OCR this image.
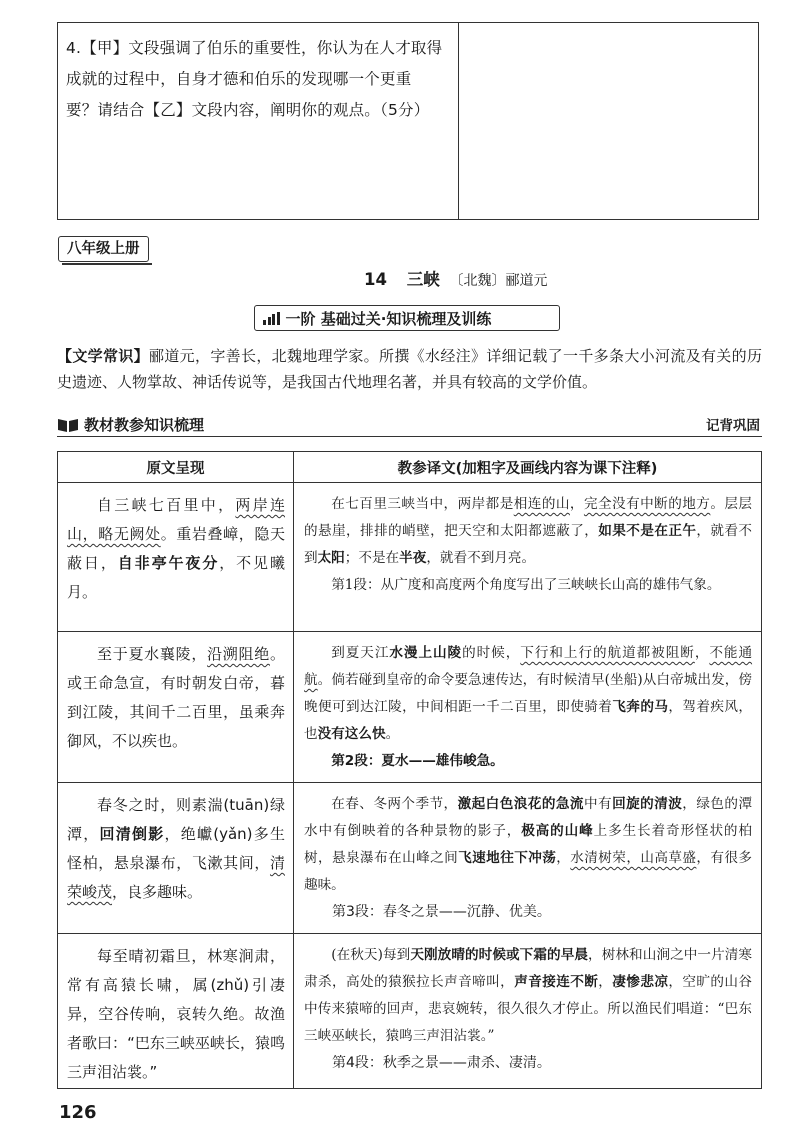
4.【甲】文段强调了伯乐的重要性，你认为在人才取得
成就的过程中，自身才德和伯乐的发现哪一个更重
要？请结合【乙】文段内容，阐明你的观点。（5分）
八年级上册
14 三峡 〔北魏〕郦道元
一阶 基础过关·知识梳理及训练
【文学常识】郦道元，字善长，北魏地理学家。所撰《水经注》详细记载了一千多条大小河流及有关的历史遗迹、人物掌故、神话传说等，是我国古代地理名著，并具有较高的文学价值。
教材教参知识梳理	记背巩固
原文呈现	教参译文(加粗字及画线内容为课下注释)
自三峡七百里中，两岸连山，略无阙处。重岩叠嶂，隐天蔽日，自非亭午夜分，不见曦月。	在七百里三峡当中，两岸都是相连的山，完全没有中断的地方。层层的悬崖，排排的峭壁，把天空和太阳都遮蔽了，如果不是在正午，就看不到太阳；不是在半夜，就看不到月亮。

第1段：从广度和高度两个角度写出了三峡峡长山高的雄伟气象。

至于夏水襄陵，沿溯阻绝。或王命急宣，有时朝发白帝，暮到江陵，其间千二百里，虽乘奔御风，不以疾也。	到夏天江水漫上山陵的时候，下行和上行的航道都被阻断，不能通航。倘若碰到皇帝的命令要急速传达，有时候清早(坐船)从白帝城出发，傍晚便可到达江陵，中间相距一千二百里，即使骑着飞奔的马，驾着疾风，也没有这么快。

第2段：夏水——雄伟峻急。

春冬之时，则素湍(tuān)绿潭，回清倒影，绝巘(yǎn)多生怪柏，悬泉瀑布，飞漱其间，清荣峻茂，良多趣味。	在春、冬两个季节，激起白色浪花的急流中有回旋的清波，绿色的潭水中有倒映着的各种景物的影子，极高的山峰上多生长着奇形怪状的柏树，悬泉瀑布在山峰之间飞速地往下冲荡，水清树荣，山高草盛，有很多趣味。

第3段：春冬之景——沉静、优美。

每至晴初霜旦，林寒涧肃，常有高猿长啸，属(zhǔ)引凄异，空谷传响，哀转久绝。故渔者歌曰：“巴东三峡巫峡长，猿鸣三声泪沾裳。”	(在秋天)每到天刚放晴的时候或下霜的早晨，树林和山涧之中一片清寒肃杀，高处的猿猴拉长声音啼叫，声音接连不断，凄惨悲凉，空旷的山谷中传来猿啼的回声，悲哀婉转，很久很久才停止。所以渔民们唱道：“巴东三峡巫峡长，猿鸣三声泪沾裳。”

第4段：秋季之景——肃杀、凄清。

126
